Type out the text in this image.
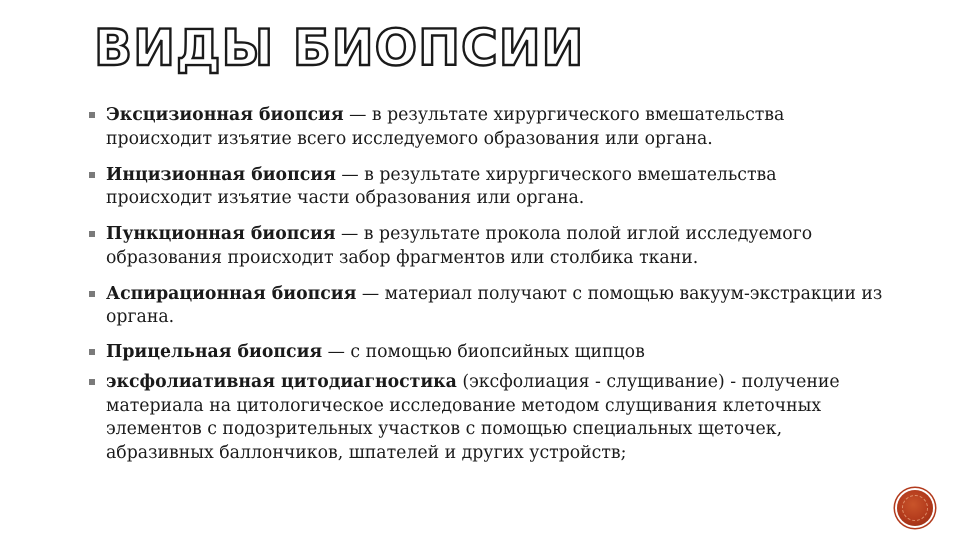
ВИДЫ БИОПСИИ
Эксцизионная биопсия — в результате хирургического вмешательства происходит изъятие всего исследуемого образования или органа.
Инцизионная биопсия — в результате хирургического вмешательства происходит изъятие части образования или органа.
Пункционная биопсия — в результате прокола полой иглой исследуемого образования происходит забор фрагментов или столбика ткани.
Аспирационная биопсия — материал получают с помощью вакуум-экстракции из органа.
Прицельная биопсия — с помощью биопсийных щипцов
эксфолиативная цитодиагностика (эксфолиация - слущивание) - получение материала на цитологическое исследование методом слущивания клеточных элементов с подозрительных участков с помощью специальных щеточек, абразивных баллончиков, шпателей и других устройств;
